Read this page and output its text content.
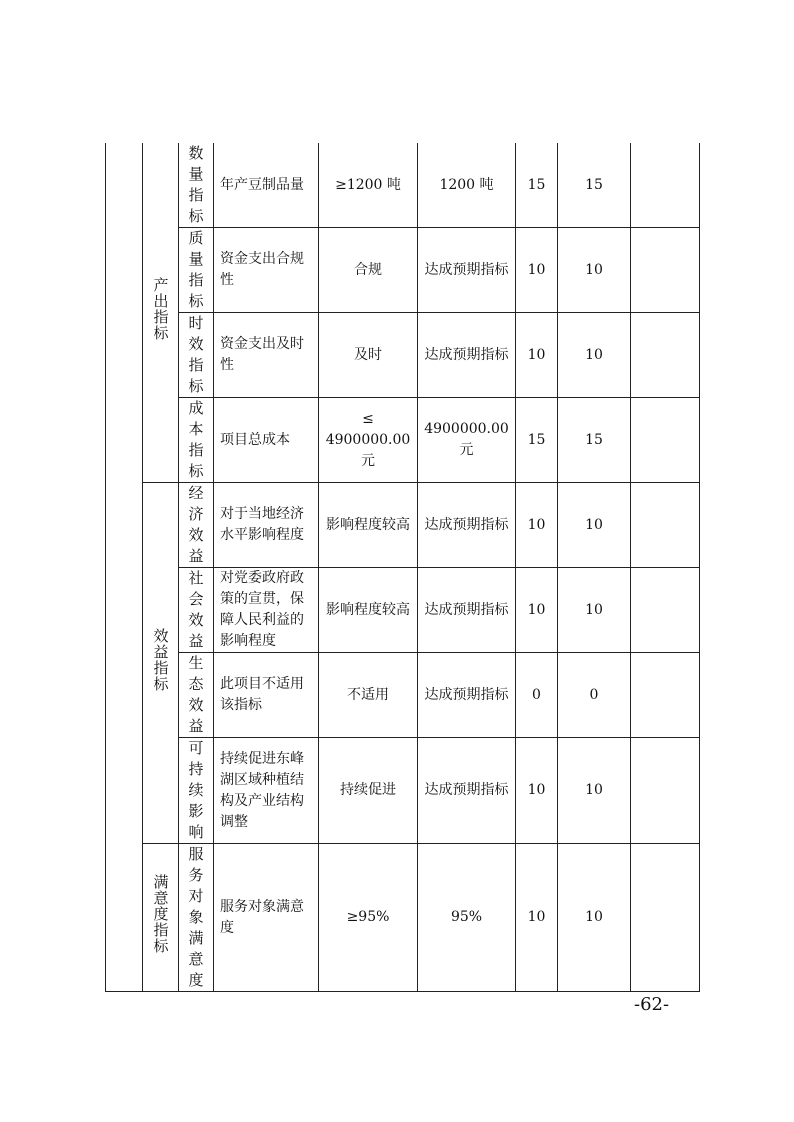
	产出指标	数量指标	年产豆制品量	≥1200 吨	1200 吨	15	15	

		质量指标	资金支出合规性	合规	达成预期指标	10	10	

		时效指标	资金支出及时性	及时	达成预期指标	10	10	

		成本指标	项目总成本	≤ 4900000.00 元	4900000.00 元	15	15	
	效益指标	经济效益	对于当地经济水平影响程度	影响程度较高	达成预期指标	10	10	

		社会效益	对党委政府政策的宣贯，保障人民利益的影响程度	影响程度较高	达成预期指标	10	10	

		生态效益	此项目不适用该指标	不适用	达成预期指标	0	0	

		可持续影响	持续促进东峰湖区域种植结构及产业结构调整	持续促进	达成预期指标	10	10	
	满意度指标	服务对象满意度	服务对象满意度	≥95%	95%	10	10	
-62-
